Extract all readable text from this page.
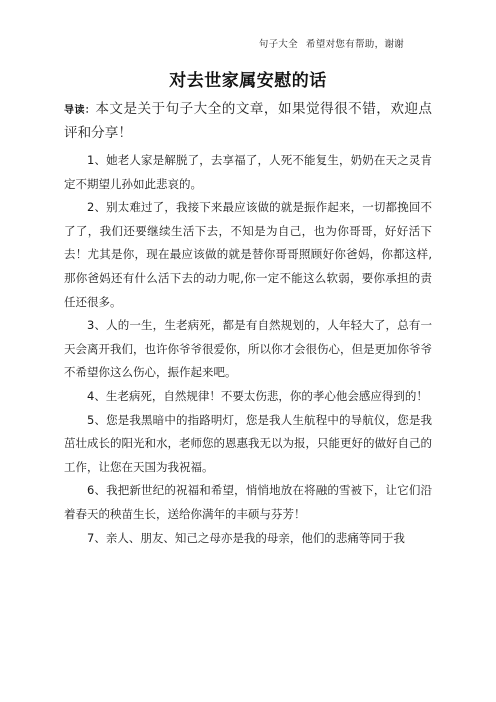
句子大全 希望对您有帮助，谢谢
对去世家属安慰的话

导读：本文是关于句子大全的文章，如果觉得很不错，欢迎点评和分享！

1、她老人家是解脱了，去享福了，人死不能复生，奶奶在天之灵肯定不期望儿孙如此悲哀的。

2、别太难过了，我接下来最应该做的就是振作起来，一切都挽回不了了，我们还要继续生活下去，不知是为自己，也为你哥哥，好好活下去！尤其是你，现在最应该做的就是替你哥哥照顾好你爸妈，你都这样,那你爸妈还有什么活下去的动力呢,你一定不能这么软弱，要你承担的责任还很多。

3、人的一生，生老病死，都是有自然规划的，人年轻大了，总有一天会离开我们，也许你爷爷很爱你，所以你才会很伤心，但是更加你爷爷不希望你这么伤心，振作起来吧。

4、生老病死，自然规律！不要太伤悲，你的孝心他会感应得到的！

5、您是我黑暗中的指路明灯，您是我人生航程中的导航仪，您是我茁壮成长的阳光和水，老师您的恩惠我无以为报，只能更好的做好自己的工作，让您在天国为我祝福。

6、我把新世纪的祝福和希望，悄悄地放在将融的雪被下，让它们沿着春天的秧苗生长，送给你满年的丰硕与芬芳！

7、亲人、朋友、知己之母亦是我的母亲，他们的悲痛等同于我
